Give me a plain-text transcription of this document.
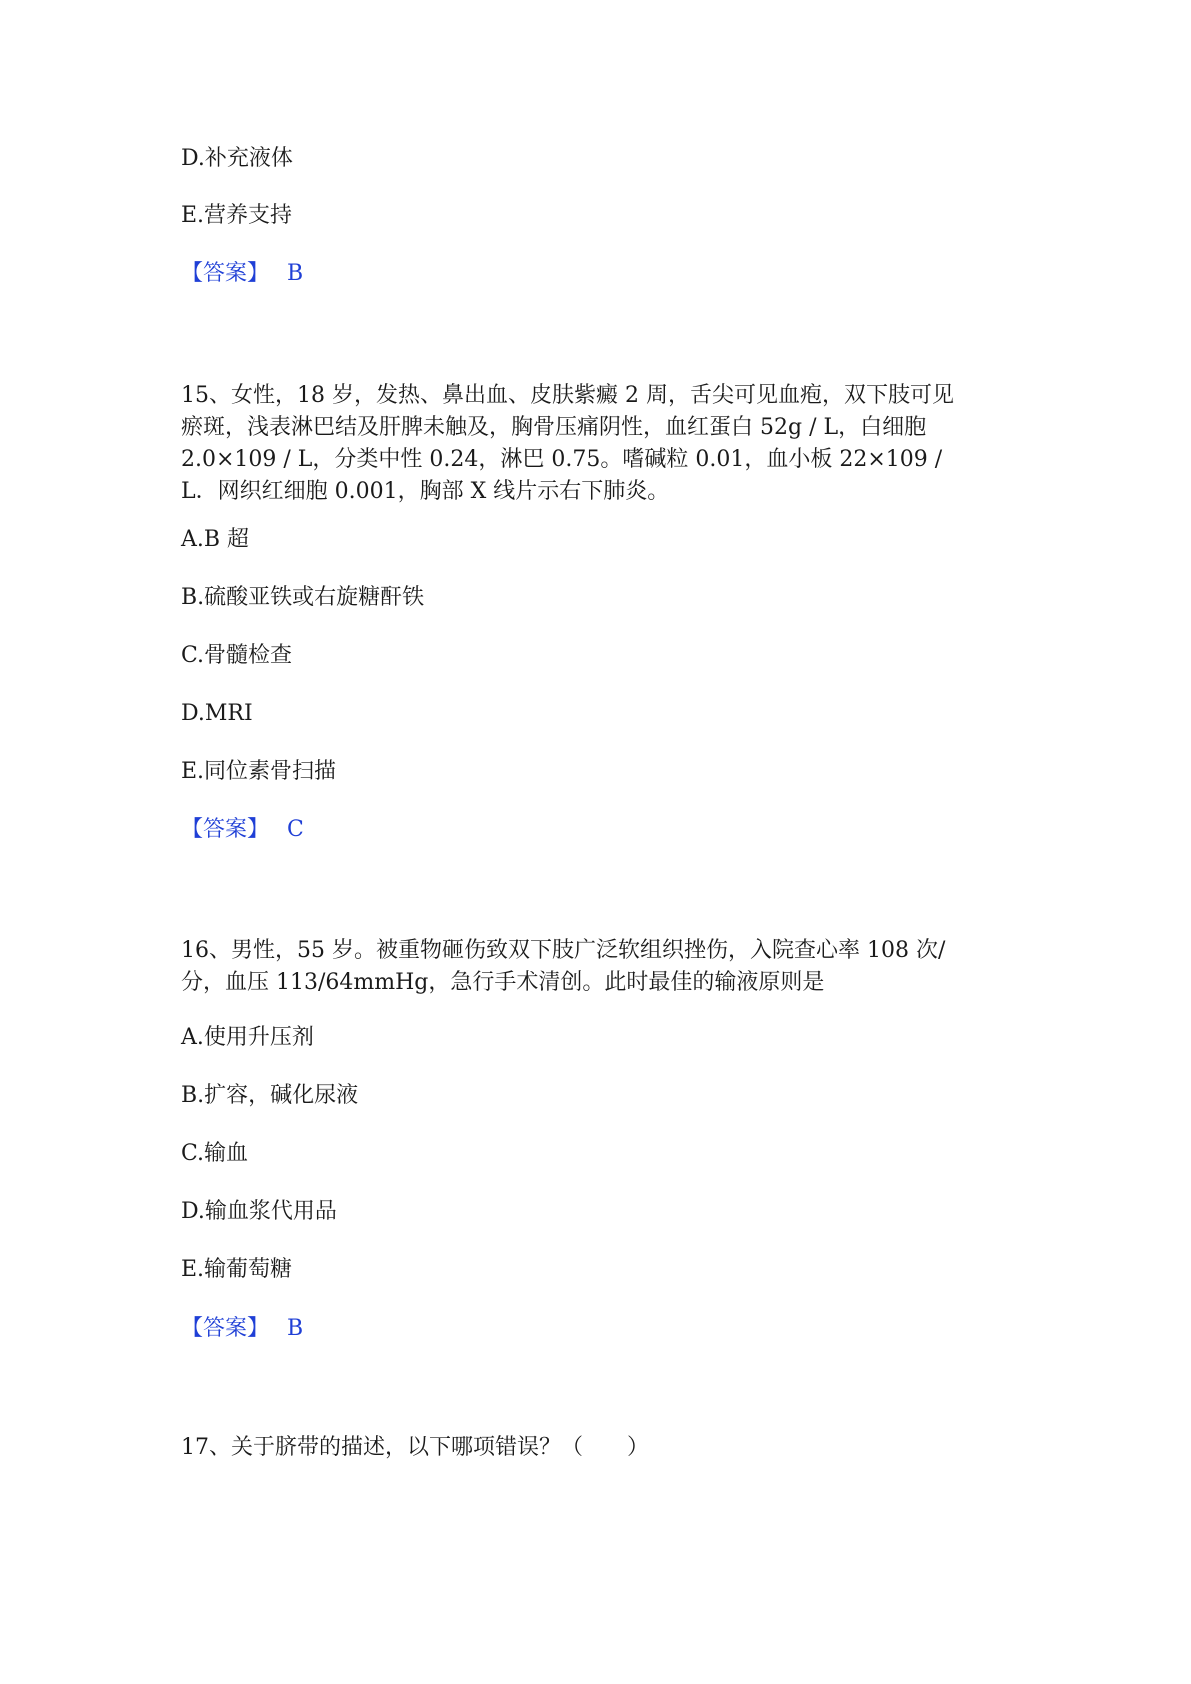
D.补充液体
E.营养支持
【答案】 B
15、女性，18 岁，发热、鼻出血、皮肤紫癜 2 周，舌尖可见血疱，双下肢可见
瘀斑，浅表淋巴结及肝脾未触及，胸骨压痛阴性，血红蛋白 52g / L，白细胞
2.0×109 / L，分类中性 0.24，淋巴 0.75。嗜碱粒 0.01，血小板 22×109 /
L．网织红细胞 0.001，胸部 X 线片示右下肺炎。
A.B 超
B.硫酸亚铁或右旋糖酐铁
C.骨髓检查
D.MRI
E.同位素骨扫描
【答案】 C
16、男性，55 岁。被重物砸伤致双下肢广泛软组织挫伤，入院查心率 108 次/
分，血压 113/64mmHg，急行手术清创。此时最佳的输液原则是
A.使用升压剂
B.扩容，碱化尿液
C.输血
D.输血浆代用品
E.输葡萄糖
【答案】 B
17、关于脐带的描述，以下哪项错误？（　　）
